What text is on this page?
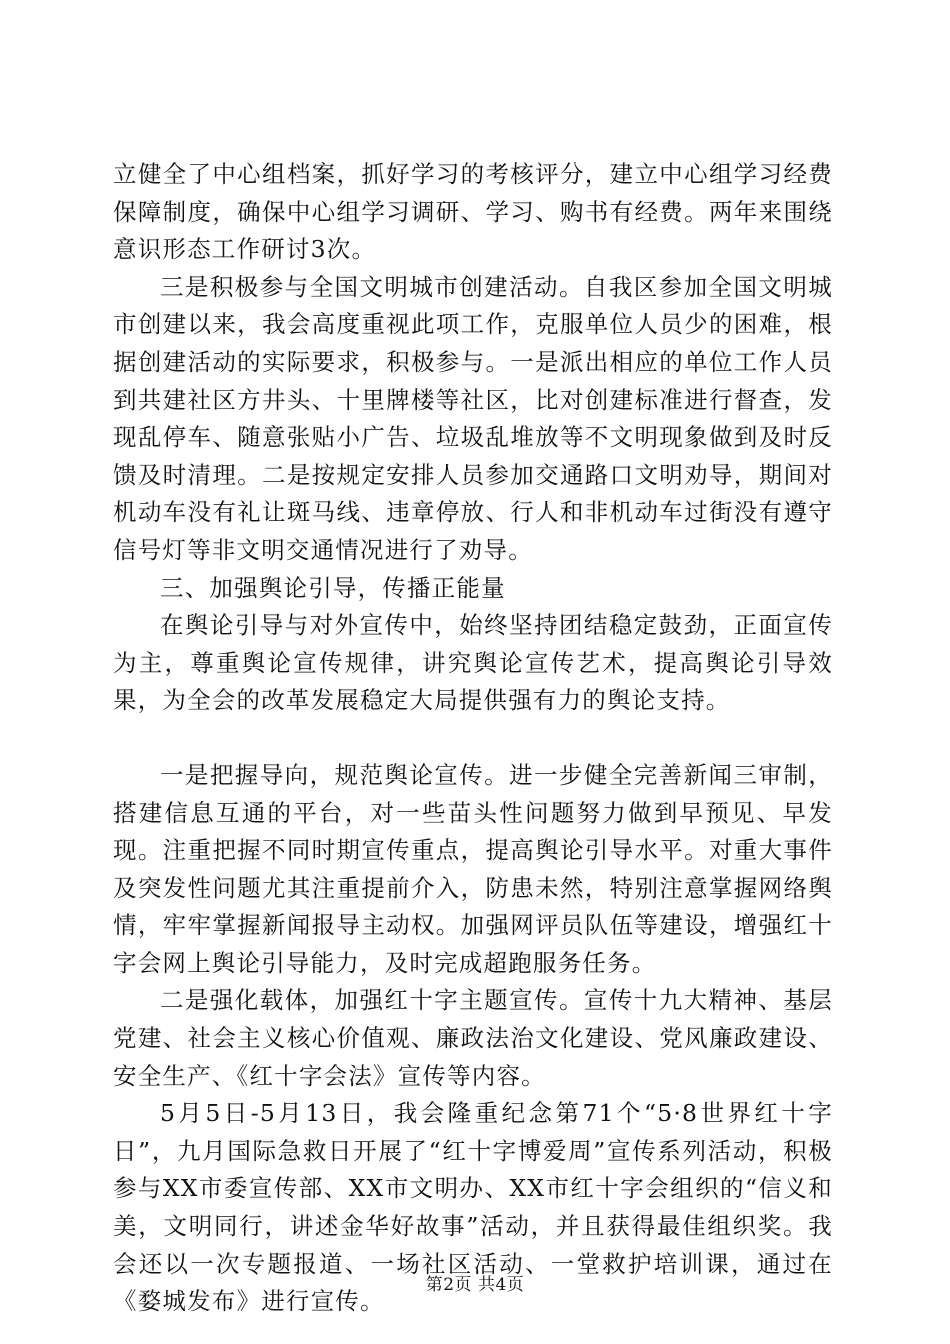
立健全了中心组档案，抓好学习的考核评分，建立中心组学习经费保障制度，确保中心组学习调研、学习、购书有经费。两年来围绕意识形态工作研讨3次。

三是积极参与全国文明城市创建活动。自我区参加全国文明城市创建以来，我会高度重视此项工作，克服单位人员少的困难，根据创建活动的实际要求，积极参与。一是派出相应的单位工作人员到共建社区方井头、十里牌楼等社区，比对创建标准进行督查，发现乱停车、随意张贴小广告、垃圾乱堆放等不文明现象做到及时反馈及时清理。二是按规定安排人员参加交通路口文明劝导，期间对机动车没有礼让斑马线、违章停放、行人和非机动车过街没有遵守信号灯等非文明交通情况进行了劝导。

三、加强舆论引导，传播正能量

在舆论引导与对外宣传中，始终坚持团结稳定鼓劲，正面宣传为主，尊重舆论宣传规律，讲究舆论宣传艺术，提高舆论引导效果，为全会的改革发展稳定大局提供强有力的舆论支持。

一是把握导向，规范舆论宣传。进一步健全完善新闻三审制，搭建信息互通的平台，对一些苗头性问题努力做到早预见、早发现。注重把握不同时期宣传重点，提高舆论引导水平。对重大事件及突发性问题尤其注重提前介入，防患未然，特别注意掌握网络舆情，牢牢掌握新闻报导主动权。加强网评员队伍等建设，增强红十字会网上舆论引导能力，及时完成超跑服务任务。

二是强化载体，加强红十字主题宣传。宣传十九大精神、基层党建、社会主义核心价值观、廉政法治文化建设、党风廉政建设、安全生产、《红十字会法》宣传等内容。

5月5日-5月13日，我会隆重纪念第71个“5·8世界红十字日”，九月国际急救日开展了“红十字博爱周”宣传系列活动，积极参与XX市委宣传部、XX市文明办、XX市红十字会组织的“信义和美，文明同行，讲述金华好故事”活动，并且获得最佳组织奖。我会还以一次专题报道、一场社区活动、一堂救护培训课，通过在《婺城发布》进行宣传。

第2页 共4页
